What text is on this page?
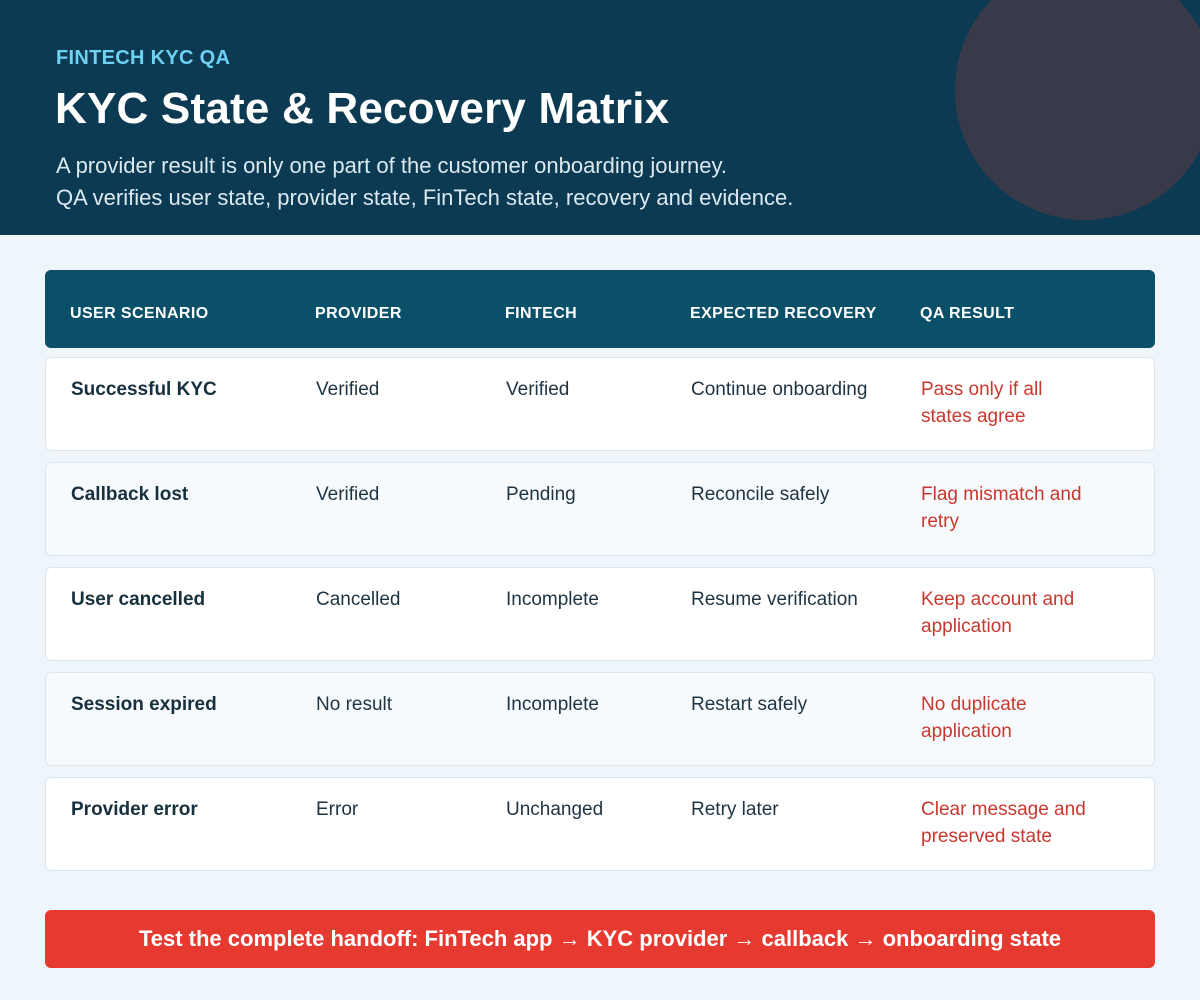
FINTECH KYC QA
KYC State & Recovery Matrix
A provider result is only one part of the customer onboarding journey.
QA verifies user state, provider state, FinTech state, recovery and evidence.
USER SCENARIO	PROVIDER	FINTECH	EXPECTED RECOVERY	QA RESULT
Successful KYC	Verified	Verified	Continue onboarding	Pass only if all
states agree
Callback lost	Verified	Pending	Reconcile safely	Flag mismatch and
retry
User cancelled	Cancelled	Incomplete	Resume verification	Keep account and
application
Session expired	No result	Incomplete	Restart safely	No duplicate
application
Provider error	Error	Unchanged	Retry later	Clear message and
preserved state
Test the complete handoff: FinTech app → KYC provider → callback → onboarding state
